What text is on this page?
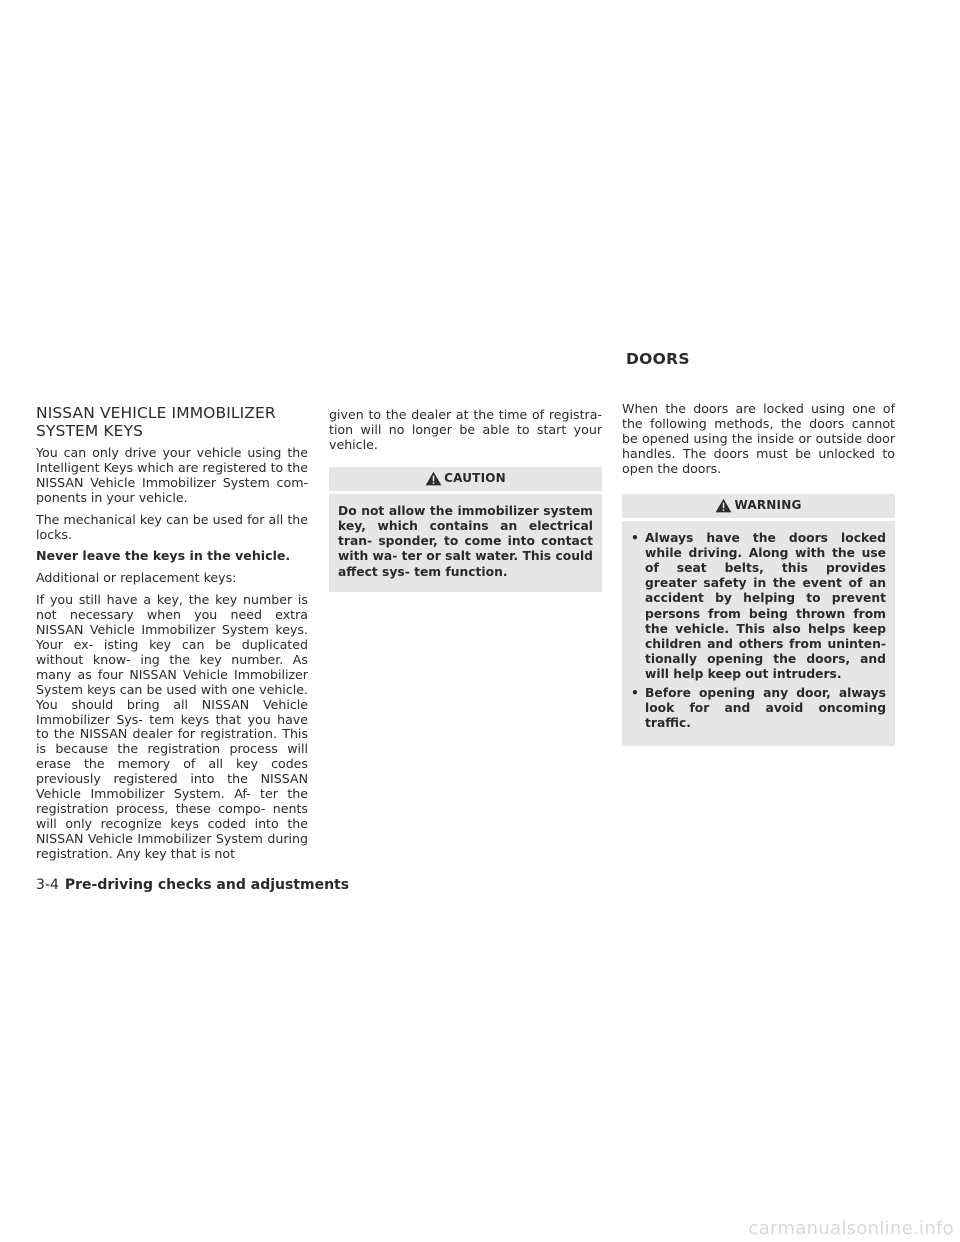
DOORS
NISSAN VEHICLE IMMOBILIZER SYSTEM KEYS

You can only drive your vehicle using the Intelligent Keys which are registered to the NISSAN Vehicle Immobilizer System com- ponents in your vehicle.

The mechanical key can be used for all the locks.

Never leave the keys in the vehicle.

Additional or replacement keys:

If you still have a key, the key number is not necessary when you need extra NISSAN Vehicle Immobilizer System keys. Your ex- isting key can be duplicated without know- ing the key number. As many as four NISSAN Vehicle Immobilizer System keys can be used with one vehicle. You should bring all NISSAN Vehicle Immobilizer Sys- tem keys that you have to the NISSAN dealer for registration. This is because the registration process will erase the memory of all key codes previously registered into the NISSAN Vehicle Immobilizer System. Af- ter the registration process, these compo- nents will only recognize keys coded into the NISSAN Vehicle Immobilizer System during registration. Any key that is not

given to the dealer at the time of registra- tion will no longer be able to start your vehicle.

CAUTION

Do not allow the immobilizer system key, which contains an electrical tran- sponder, to come into contact with wa- ter or salt water. This could affect sys- tem function.

When the doors are locked using one of the following methods, the doors cannot be opened using the inside or outside door handles. The doors must be unlocked to open the doors.

WARNING
• Always have the doors locked while driving. Along with the use of seat belts, this provides greater safety in the event of an accident by helping to prevent persons from being thrown from the vehicle. This also helps keep children and others from uninten- tionally opening the doors, and will help keep out intruders.
• Before opening any door, always look for and avoid oncoming traffic.
3-4 Pre-driving checks and adjustments
carmanualsonline.info
